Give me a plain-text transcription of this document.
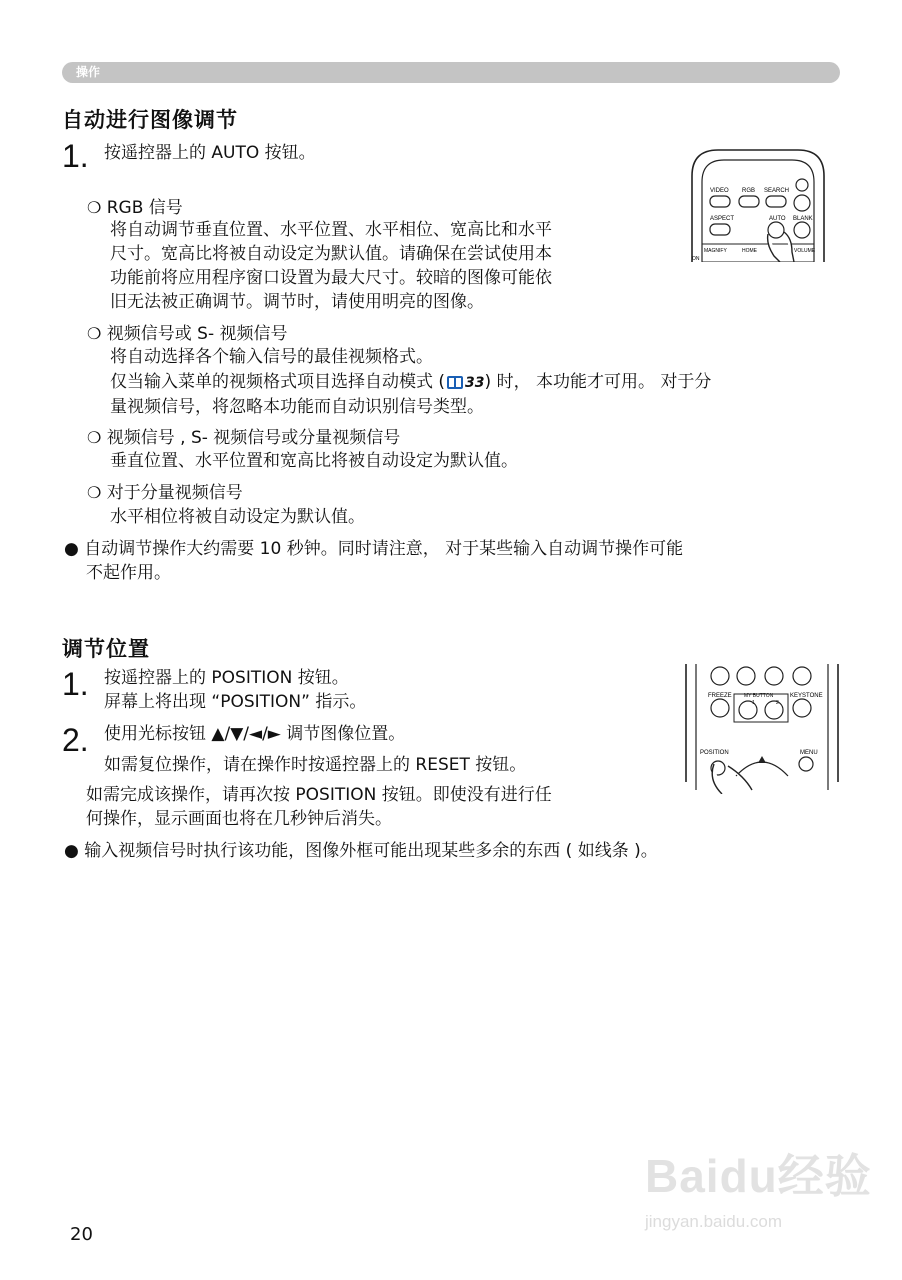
操作
自动进行图像调节
1. 按遥控器上的 AUTO 按钮。
❍ RGB 信号
将自动调节垂直位置、水平位置、水平相位、宽高比和水平
尺寸。宽高比将被自动设定为默认值。请确保在尝试使用本
功能前将应用程序窗口设置为最大尺寸。较暗的图像可能依
旧无法被正确调节。调节时，请使用明亮的图像。
❍ 视频信号或 S- 视频信号
将自动选择各个输入信号的最佳视频格式。
仅当输入菜单的视频格式项目选择自动模式 ( 33) 时， 本功能才可用。 对于分
量视频信号，将忽略本功能而自动识别信号类型。
❍ 视频信号 , S- 视频信号或分量视频信号
垂直位置、水平位置和宽高比将被自动设定为默认值。
❍ 对于分量视频信号
水平相位将被自动设定为默认值。
● 自动调节操作大约需要 10 秒钟。同时请注意， 对于某些输入自动调节操作可能
不起作用。
VIDEO RGB SEARCH
ASPECT	AUTO BLANK
MAGNIFY	HOME	VOLUME
ON
调节位置
1. 按遥控器上的 POSITION 按钮。
屏幕上将出现 “POSITION” 指示。
2. 使用光标按钮 ▲/▼/◄/► 调节图像位置。
如需复位操作，请在操作时按遥控器上的 RESET 按钮。
如需完成该操作，请再次按 POSITION 按钮。即使没有进行任
何操作，显示画面也将在几秒钟后消失。
● 输入视频信号时执行该功能，图像外框可能出现某些多余的东西 ( 如线条 )。
FREEZE MY BUTTON	KEYSTONE
1	2
POSITION	MENU
Baidu经验
jingyan.baidu.com
20
